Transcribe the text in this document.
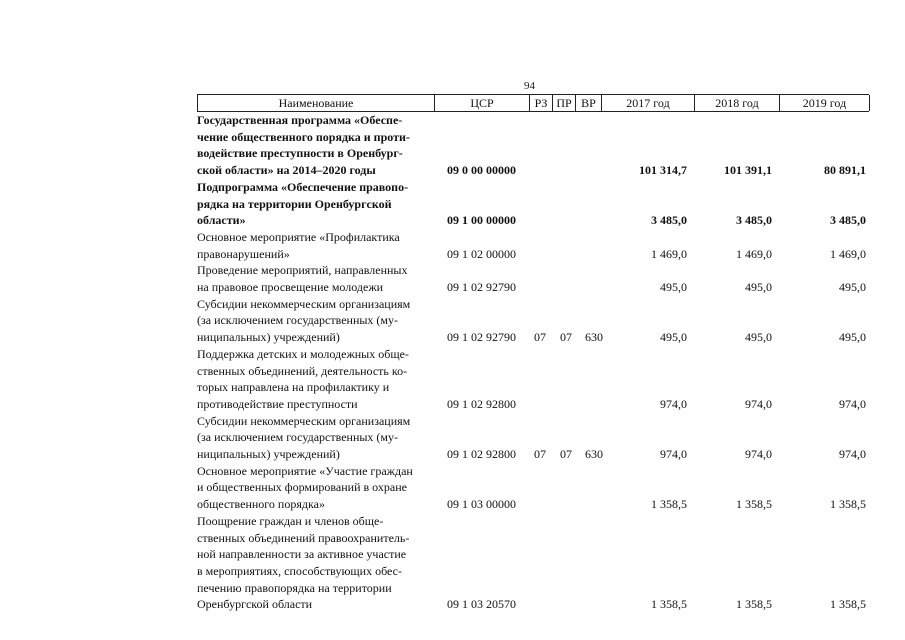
94
Наименование	ЦСР	РЗ ПР ВР	2017 год	2018 год	2019 год
Государственная программа «Обеспе-
чение общественного порядка и проти-
водействие преступности в Оренбург-
ской области» на 2014–2020 годы	09 0 00 00000	101 314,7	101 391,1	80 891,1
Подпрограмма «Обеспечение правопо-
рядка на территории Оренбургской
области»	09 1 00 00000	3 485,0	3 485,0	3 485,0
Основное мероприятие «Профилактика
правонарушений»	09 1 02 00000	1 469,0	1 469,0	1 469,0
Проведение мероприятий, направленных
на правовое просвещение молодежи	09 1 02 92790	495,0	495,0	495,0
Субсидии некоммерческим организациям
(за исключением государственных (му-
ниципальных) учреждений)	09 1 02 92790 07 07 630	495,0	495,0	495,0
Поддержка детских и молодежных обще-
ственных объединений, деятельность ко-
торых направлена на профилактику и
противодействие преступности	09 1 02 92800	974,0	974,0	974,0
Субсидии некоммерческим организациям
(за исключением государственных (му-
ниципальных) учреждений)	09 1 02 92800 07 07 630	974,0	974,0	974,0
Основное мероприятие «Участие граждан
и общественных формирований в охране
общественного порядка»	09 1 03 00000	1 358,5	1 358,5	1 358,5
Поощрение граждан и членов обще-
ственных объединений правоохранитель-
ной направленности за активное участие
в мероприятиях, способствующих обес-
печению правопорядка на территории
Оренбургской области	09 1 03 20570	1 358,5	1 358,5	1 358,5
